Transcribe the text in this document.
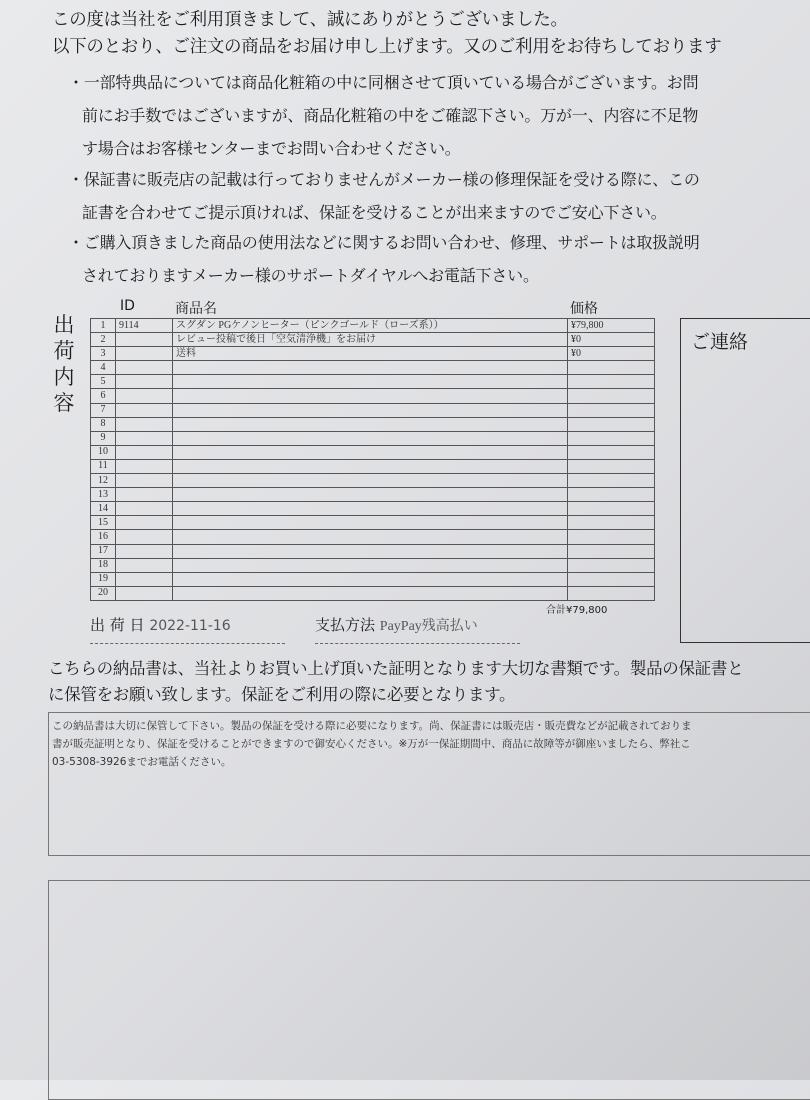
この度は当社をご利用頂きまして、誠にありがとうございました。
以下のとおり、ご注文の商品をお届け申し上げます。又のご利用をお待ちしております
・一部特典品については商品化粧箱の中に同梱させて頂いている場合がございます。お問
前にお手数ではございますが、商品化粧箱の中をご確認下さい。万が一、内容に不足物
す場合はお客様センターまでお問い合わせください。
・保証書に販売店の記載は行っておりませんがメーカー様の修理保証を受ける際に、この
証書を合わせてご提示頂ければ、保証を受けることが出来ますのでご安心下さい。
・ご購入頂きました商品の使用法などに関するお問い合わせ、修理、サポートは取扱説明
されておりますメーカー様のサポートダイヤルへお電話下さい。
出荷内容
ID	商品名	価格
1	9114	スグダン PGケノンヒーター（ピンクゴールド（ローズ系））	¥79,800
2		レビュー投稿で後日「空気清浄機」をお届け	¥0
3		送料	¥0
4			
5			
6			
7			
8			
9			
10			
11			
12			
13			
14			
15			
16			
17			
18			
19			
20			
合計¥79,800
出 荷 日 2022-11-16	支払方法 PayPay残高払い
ご連絡
こちらの納品書は、当社よりお買い上げ頂いた証明となります大切な書類です。製品の保証書と
に保管をお願い致します。保証をご利用の際に必要となります。
この納品書は大切に保管して下さい。製品の保証を受ける際に必要になります。尚、保証書には販売店・販売費などが記載されておりま
書が販売証明となり、保証を受けることができますので御安心ください。※万が一保証期間中、商品に故障等が御座いましたら、弊社こ
03-5308-3926までお電話ください。
